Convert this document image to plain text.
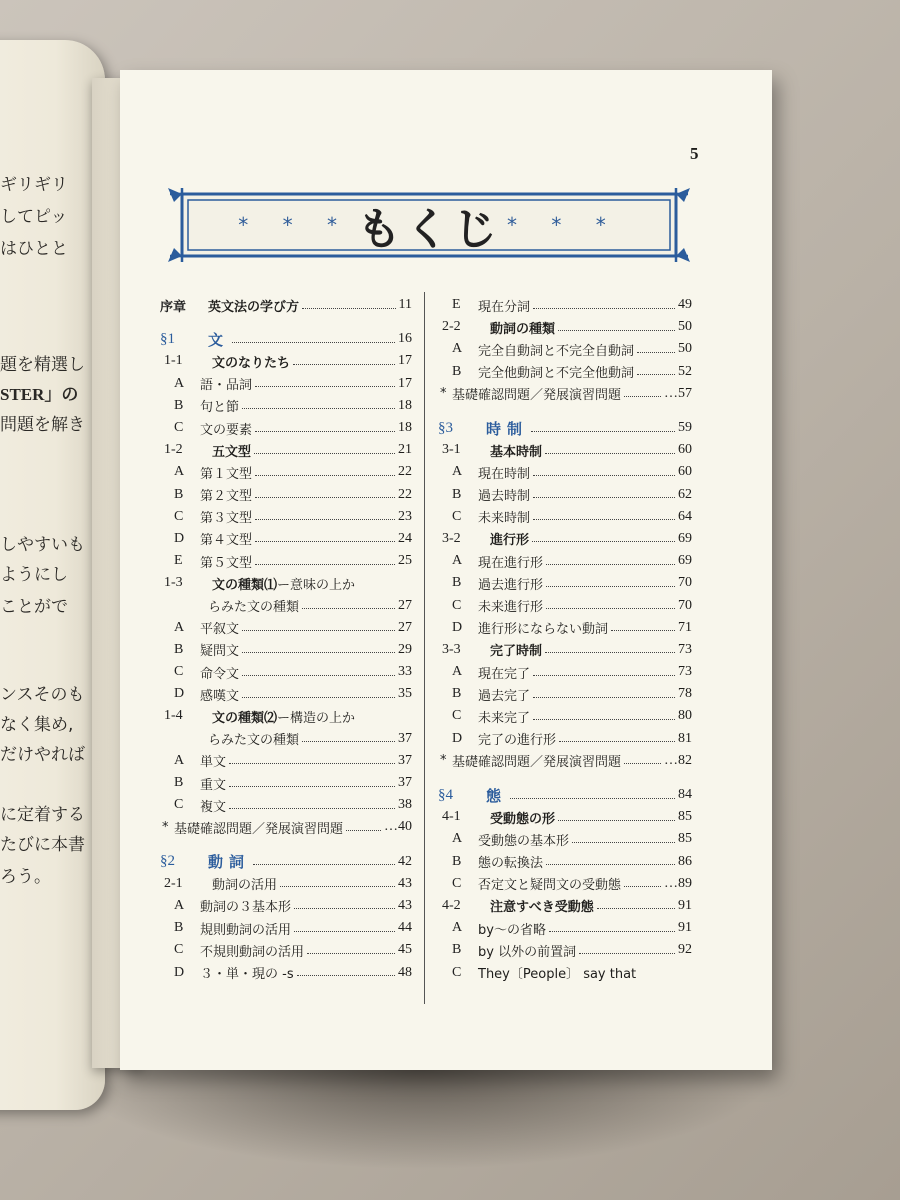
ギリギリ
してピッ
はひとと
題を精選し
STER」の
問題を解き
しやすいも
ようにし
ことがで
ンスそのも
なく集め,
だけやれば
に定着する
たびに本書
ろう。
5
* * * もくじ * * *
序章	英文法の学び方	11
§1	文	16
1-1	文のなりたち	17
A	語・品詞	17
B	句と節	18
C	文の要素	18
1-2	五文型	21
A	第１文型	22
B	第２文型	22
C	第３文型	23
D	第４文型	24
E	第５文型	25
1-3	文の種類⑴ ー意味の上か
らみた文の種類	27
A	平叙文	27
B	疑問文	29
C	命令文	33
D	感嘆文	35
1-4	文の種類⑵ ー構造の上か
らみた文の種類	37
A	単文	37
B	重文	37
C	複文	38
* 基礎確認問題／発展演習問題	…40
§2	動詞	42
2-1	動詞の活用	43
A	動詞の３基本形	43
B	規則動詞の活用	44
C	不規則動詞の活用	45
D	３・単・現の -s	48
E	現在分詞	49
2-2	動詞の種類	50
A	完全自動詞と不完全自動詞	50
B	完全他動詞と不完全他動詞	52
* 基礎確認問題／発展演習問題	…57
§3	時制	59
3-1	基本時制	60
A	現在時制	60
B	過去時制	62
C	未来時制	64
3-2	進行形	69
A	現在進行形	69
B	過去進行形	70
C	未来進行形	70
D	進行形にならない動詞	71
3-3	完了時制	73
A	現在完了	73
B	過去完了	78
C	未来完了	80
D	完了の進行形	81
* 基礎確認問題／発展演習問題	…82
§4	態	84
4-1	受動態の形	85
A	受動態の基本形	85
B	態の転換法	86
C	否定文と疑問文の受動態	…89
4-2	注意すべき受動態	91
A	by～の省略	91
B	by 以外の前置詞	92
C	They〔People〕 say that
